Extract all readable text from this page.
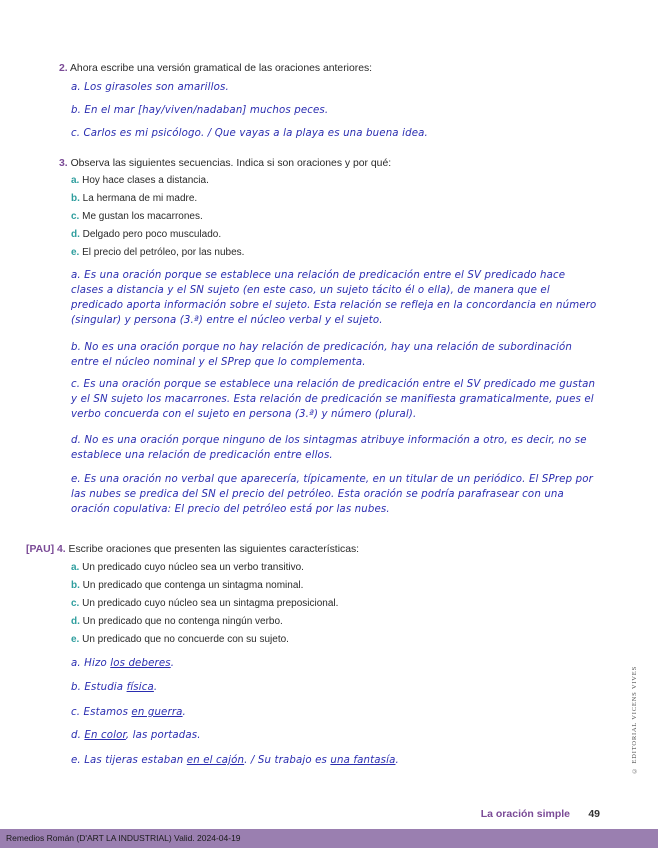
2. Ahora escribe una versión gramatical de las oraciones anteriores:
a. Los girasoles son amarillos.
b. En el mar [hay/viven/nadaban] muchos peces.
c. Carlos es mi psicólogo. / Que vayas a la playa es una buena idea.
3. Observa las siguientes secuencias. Indica si son oraciones y por qué:
a. Hoy hace clases a distancia.
b. La hermana de mi madre.
c. Me gustan los macarrones.
d. Delgado pero poco musculado.
e. El precio del petróleo, por las nubes.
a. Es una oración porque se establece una relación de predicación entre el SV predicado hace clases a distancia y el SN sujeto (en este caso, un sujeto tácito él o ella), de manera que el predicado aporta información sobre el sujeto. Esta relación se refleja en la concordancia en número (singular) y persona (3.ª) entre el núcleo verbal y el sujeto.
b. No es una oración porque no hay relación de predicación, hay una relación de subordinación entre el núcleo nominal y el SPrep que lo complementa.
c. Es una oración porque se establece una relación de predicación entre el SV predicado me gustan y el SN sujeto los macarrones. Esta relación de predicación se manifiesta gramaticalmente, pues el verbo concuerda con el sujeto en persona (3.ª) y número (plural).
d. No es una oración porque ninguno de los sintagmas atribuye información a otro, es decir, no se establece una relación de predicación entre ellos.
e. Es una oración no verbal que aparecería, típicamente, en un titular de un periódico. El SPrep por las nubes se predica del SN el precio del petróleo. Esta oración se podría parafrasear con una oración copulativa: El precio del petróleo está por las nubes.
[PAU] 4. Escribe oraciones que presenten las siguientes características:
a. Un predicado cuyo núcleo sea un verbo transitivo.
b. Un predicado que contenga un sintagma nominal.
c. Un predicado cuyo núcleo sea un sintagma preposicional.
d. Un predicado que no contenga ningún verbo.
e. Un predicado que no concuerde con su sujeto.
a. Hizo los deberes.
b. Estudia física.
c. Estamos en guerra.
d. En color, las portadas.
e. Las tijeras estaban en el cajón. / Su trabajo es una fantasía.	© EDITORIAL VICENS VIVES
La oración simple 49
Remedios Román (D'ART LA INDUSTRIAL) Valid. 2024-04-19
